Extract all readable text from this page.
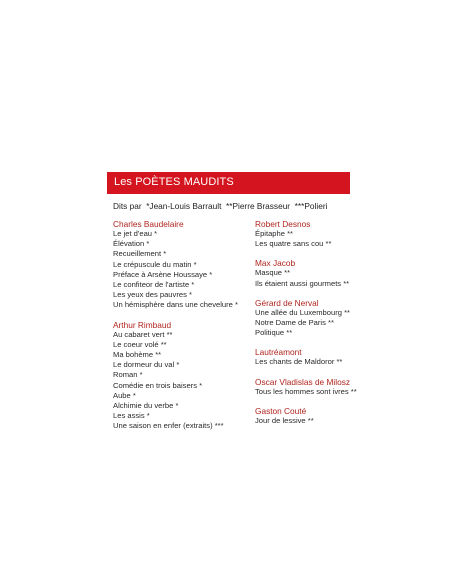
Les POÈTES MAUDITS
Dits par  *Jean-Louis Barrault  **Pierre Brasseur  ***Polieri
Charles Baudelaire
Le jet d'eau *
Élévation *
Recueillement *
Le crépuscule du matin *
Préface à Arsène Houssaye *
Le confiteor de l'artiste *
Les yeux des pauvres *
Un hémisphère dans une chevelure *
Arthur Rimbaud
Au cabaret vert **
Le coeur volé **
Ma bohème **
Le dormeur du val *
Roman *
Comédie en trois baisers *
Aube *
Alchimie du verbe *
Les assis *
Une saison en enfer (extraits) ***
Robert Desnos
Épitaphe **
Les quatre sans cou **
Max Jacob
Masque **
Ils étaient aussi gourmets **
Gérard de Nerval
Une allée du Luxembourg **
Notre Dame de Paris **
Politique **
Lautréamont
Les chants de Maldoror **
Oscar Vladislas de Milosz
Tous les hommes sont ivres **
Gaston Couté
Jour de lessive **
